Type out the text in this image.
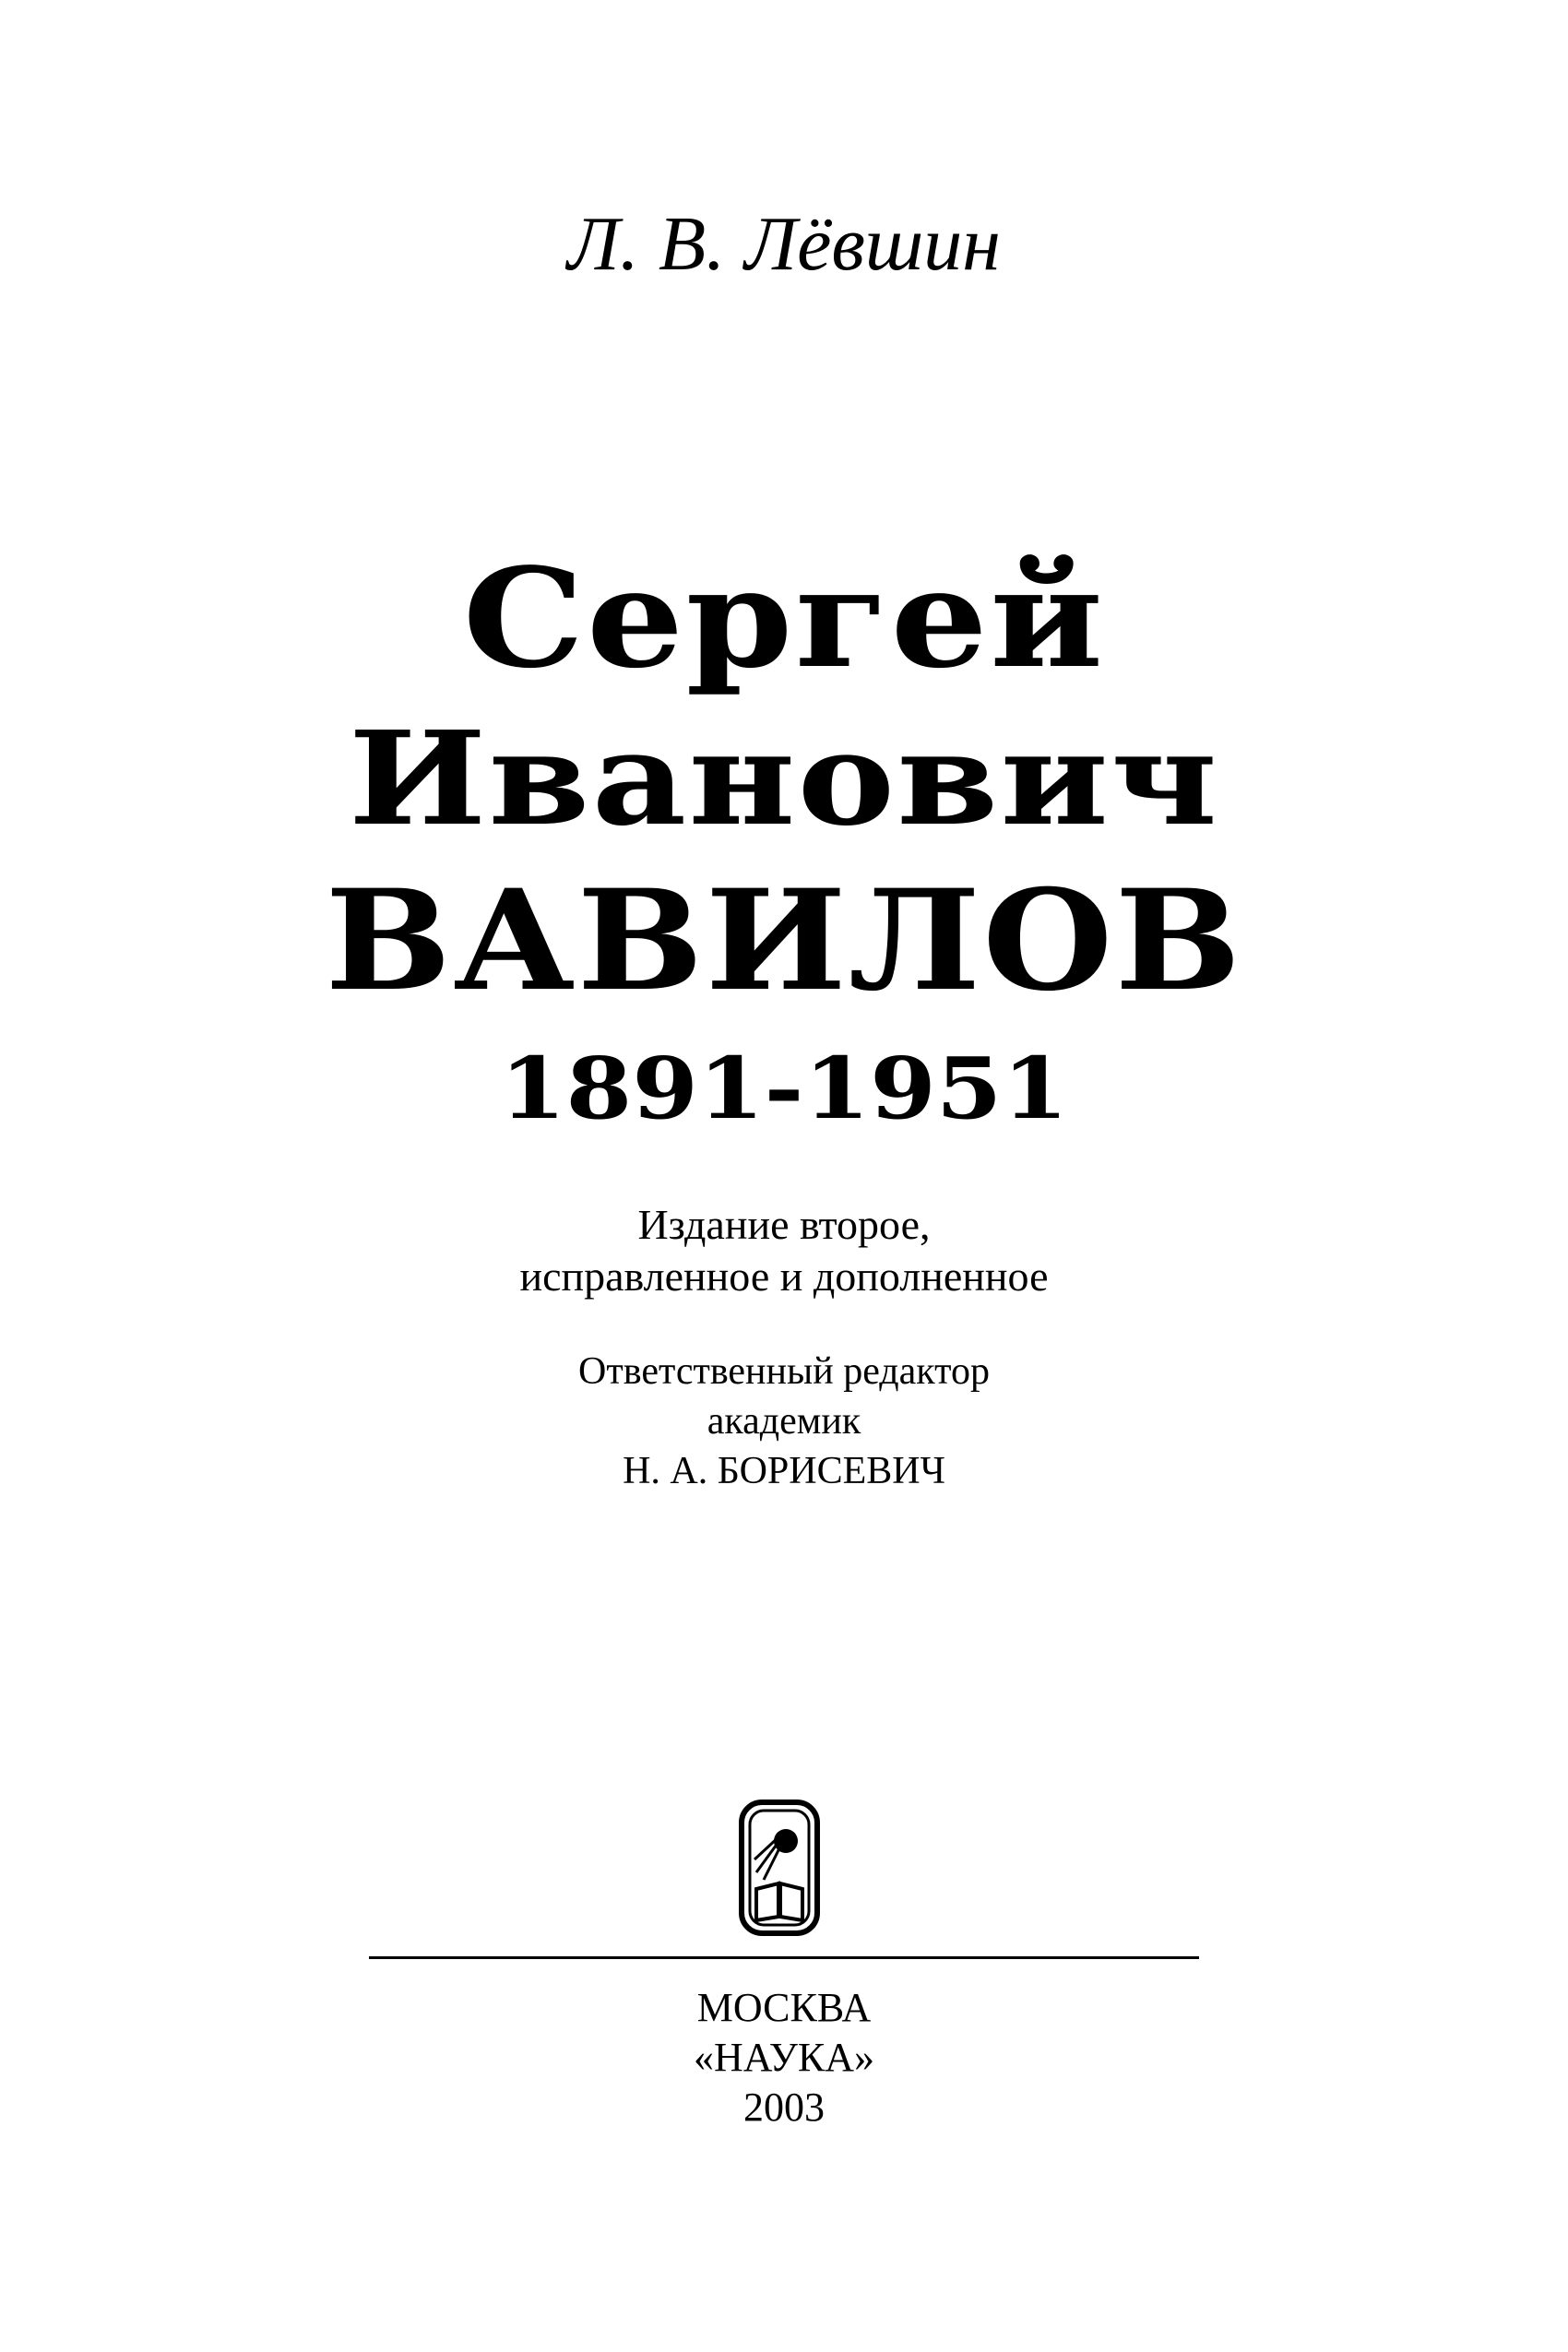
Л. В. Лёвшин
Сергей
Иванович
ВАВИЛОВ
1891-1951
Издание второе,
исправленное и дополненное
Ответственный редактор
академик
Н. А. БОРИСЕВИЧ
МОСКВА
«НАУКА»
2003
